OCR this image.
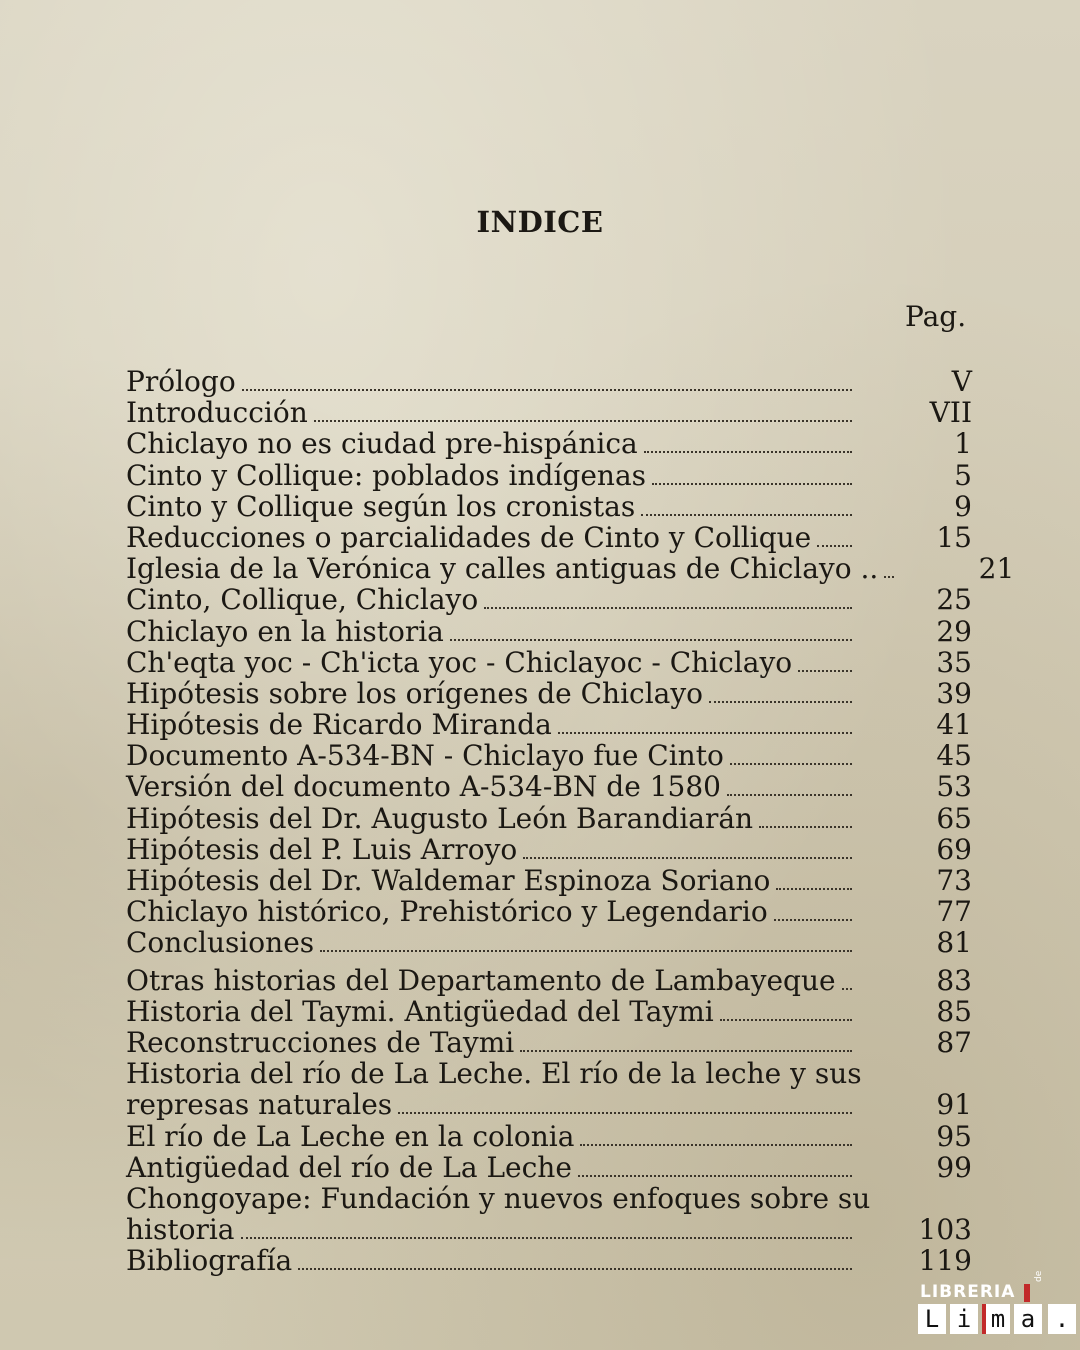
INDICE
Pag.
Prólogo	V
Introducción	VII
Chiclayo no es ciudad pre-hispánica	1
Cinto y Collique: poblados indígenas	5
Cinto y Collique según los cronistas	9
Reducciones o parcialidades de Cinto y Collique	15
Iglesia de la Verónica y calles antiguas de Chiclayo ..	21
Cinto, Collique, Chiclayo	25
Chiclayo en la historia	29
Ch'eqta yoc - Ch'icta yoc - Chiclayoc - Chiclayo	35
Hipótesis sobre los orígenes de Chiclayo	39
Hipótesis de Ricardo Miranda	41
Documento A-534-BN - Chiclayo fue Cinto	45
Versión del documento A-534-BN de 1580	53
Hipótesis del Dr. Augusto León Barandiarán	65
Hipótesis del P. Luis Arroyo	69
Hipótesis del Dr. Waldemar Espinoza Soriano	73
Chiclayo histórico, Prehistórico y Legendario	77
Conclusiones	81
Otras historias del Departamento de Lambayeque	83
Historia del Taymi. Antigüedad del Taymi	85
Reconstrucciones de Taymi	87
Historia del río de La Leche. El río de la leche y sus
represas naturales	91
El río de La Leche en la colonia	95
Antigüedad del río de La Leche	99
Chongoyape: Fundación y nuevos enfoques sobre su
historia	103
Bibliografía	119
LIBRERIA
de
L i m a .
